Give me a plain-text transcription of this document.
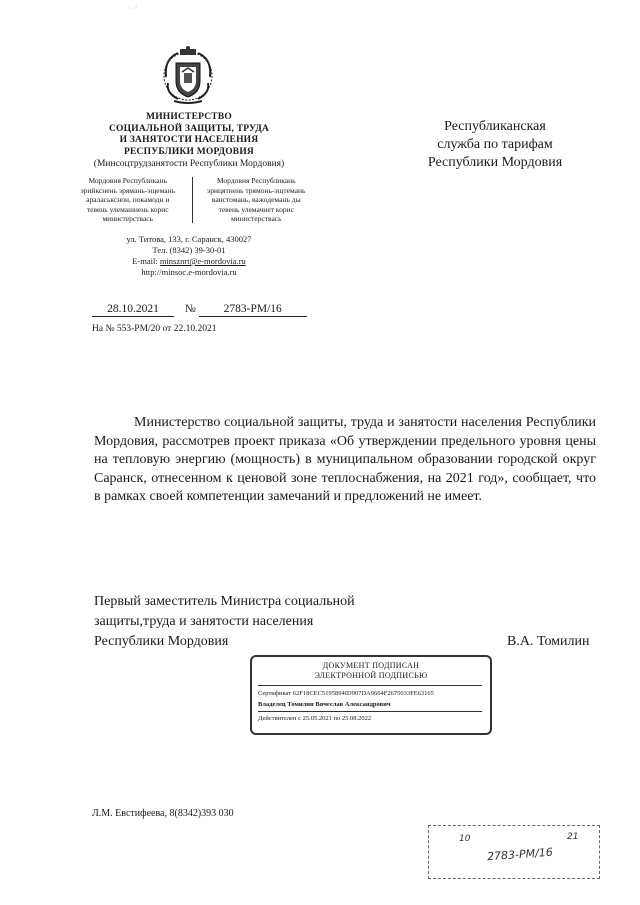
· ·'
МИНИСТЕРСТВО
СОЦИАЛЬНОЙ ЗАЩИТЫ, ТРУДА
И ЗАНЯТОСТИ НАСЕЛЕНИЯ
РЕСПУБЛИКИ МОРДОВИЯ
(Минсоцтрудзанятости Республики Мордовия)
Мордовия Республикань
эрийкснень эрямань-эщемань
араласькснон, покамодн и
тевень улемашнень корис
министерствась
Мордовия Республикань
эрицятнень трямонь-эщтемань
ванстомань, важодемань ды
тевень улемачиет корис
министерствась
ул. Титова, 133, г. Саранск, 430027
Тел. (8342) 39-30-01
E-mail: minsznrt@e-mordovia.ru
http://minsoc.e-mordovia.ru
Республиканская
служба по тарифам
Республики Мордовия
28.10.2021 № 2783-РМ/16
На № 553-РМ/20 от 22.10.2021
Министерство социальной защиты, труда и занятости населения Республики Мордовия, рассмотрев проект приказа «Об утверждении предельного уровня цены на тепловую энергию (мощность) в муниципальном образовании городской округ Саранск, отнесенном к ценовой зоне теплоснабжения, на 2021 год», сообщает, что в рамках своей компетенции замечаний и предложений не имеет.
Первый заместитель Министра социальной
защиты,труда и занятости населения
Республики Мордовия	В.А. Томилин
ДОКУМЕНТ ПОДПИСАН
ЭЛЕКТРОННОЙ ПОДПИСЬЮ
Сертификат 62F18CEC5195894ID907DA9664F2675033FE63165
Владелец Томилин Вячеслав Александрович
Действителен с 25.05.2021 по 25.08.2022
Л.М. Евстифеева, 8(8342)393 030
10	21
2783-РМ/16
